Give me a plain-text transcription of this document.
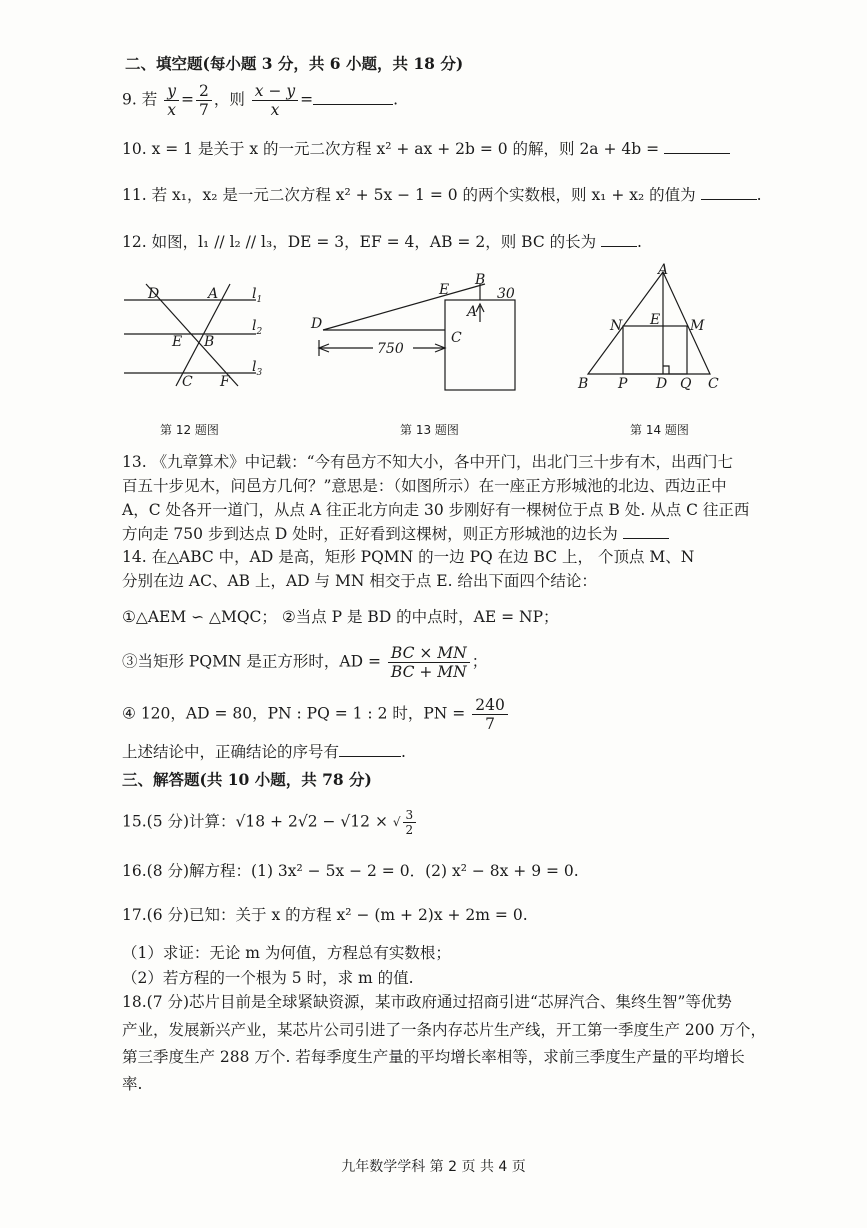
二、填空题(每小题 3 分，共 6 小题，共 18 分)
9. 若 $\frac{y}{x} = \frac{2}{7}$ ，则 $\frac{x - y}{x}$ =	.
10. x = 1 是关于 x 的一元二次方程 x² + ax + 2b = 0 的解，则 2a + 4b =
11. 若 x₁，x₂ 是一元二次方程 x² + 5x − 1 = 0 的两个实数根，则 x₁ + x₂ 的值为	.
12. 如图，l₁ // l₂ // l₃，DE = 3，EF = 4，AB = 2，则 BC 的长为	.
D	A $l_1$
$l_2$
$l_3$
E B
C F
第 12 题图
E
B
30
A
C
D
750
第 13 题图
A
N E M
B P D Q C
第 14 题图
13. 《九章算术》中记载：“今有邑方不知大小，各中开门，出北门三十步有木，出西门七
百五十步见木，问邑方几何？”意思是：（如图所示）在一座正方形城池的北边、西边正中
A，C 处各开一道门，从点 A 往正北方向走 30 步刚好有一棵树位于点 B 处. 从点 C 往正西
方向走 750 步到达点 D 处时，正好看到这棵树，则正方形城池的边长为
14. 在△ABC 中，AD 是高，矩形 PQMN 的一边 PQ 在边 BC 上， 个顶点 M、N
分别在边 AC、AB 上，AD 与 MN 相交于点 E. 给出下面四个结论：
①△AEM ∽ △MQC； ②当点 P 是 BD 的中点时，AE = NP；
③当矩形 PQMN 是正方形时，AD = $\frac{BC \times MN}{BC + MN}$ ；
④ 120，AD = 80，PN : PQ = 1 : 2 时，PN = $\frac{240}{7}$
上述结论中，正确结论的序号有	.
三、解答题(共 10 小题，共 78 分)
15.(5 分)计算：√18 + 2√2 − √12 × √ $\frac{3}{2}$
16.(8 分)解方程：(1) 3x² − 5x − 2 = 0．(2) x² − 8x + 9 = 0.
17.(6 分)已知：关于 x 的方程 x² − (m + 2)x + 2m = 0.
（1）求证：无论 m 为何值，方程总有实数根；
（2）若方程的一个根为 5 时，求 m 的值.
18.(7 分)芯片目前是全球紧缺资源，某市政府通过招商引进“芯屏汽合、集终生智”等优势
产业，发展新兴产业，某芯片公司引进了一条内存芯片生产线，开工第一季度生产 200 万个，
第三季度生产 288 万个. 若每季度生产量的平均增长率相等，求前三季度生产量的平均增长
率.
九年数学学科 第 2 页 共 4 页
